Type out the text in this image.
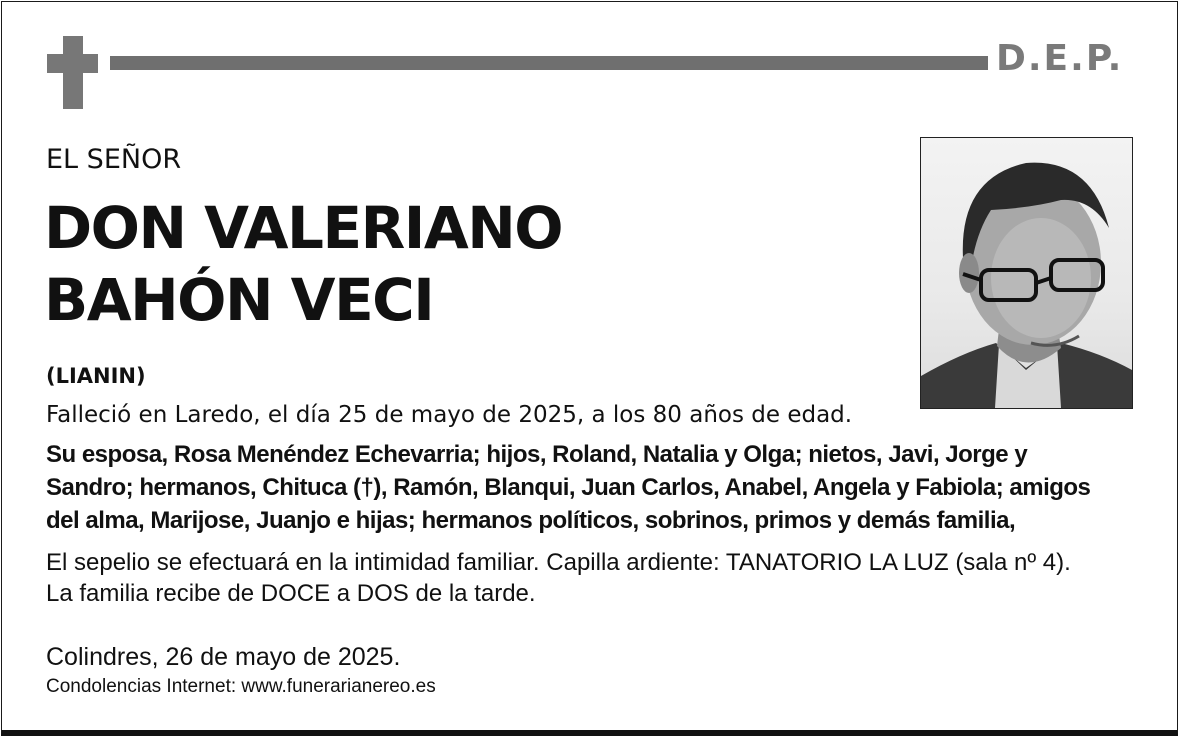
D.E.P.
EL SEÑOR
DON VALERIANO
BAHÓN VECI
(LIANIN)
Falleció en Laredo, el día 25 de mayo de 2025, a los 80 años de edad.

Su esposa, Rosa Menéndez Echevarria; hijos, Roland, Natalia y Olga; nietos, Javi, Jorge y
Sandro; hermanos, Chituca (†), Ramón, Blanqui, Juan Carlos, Anabel, Angela y Fabiola; amigos
del alma, Marijose, Juanjo e hijas; hermanos políticos, sobrinos, primos y demás familia,

El sepelio se efectuará en la intimidad familiar. Capilla ardiente: TANATORIO LA LUZ (sala nº 4).
La familia recibe de DOCE a DOS de la tarde.

Colindres, 26 de mayo de 2025.
Condolencias Internet: www.funerarianereo.es
